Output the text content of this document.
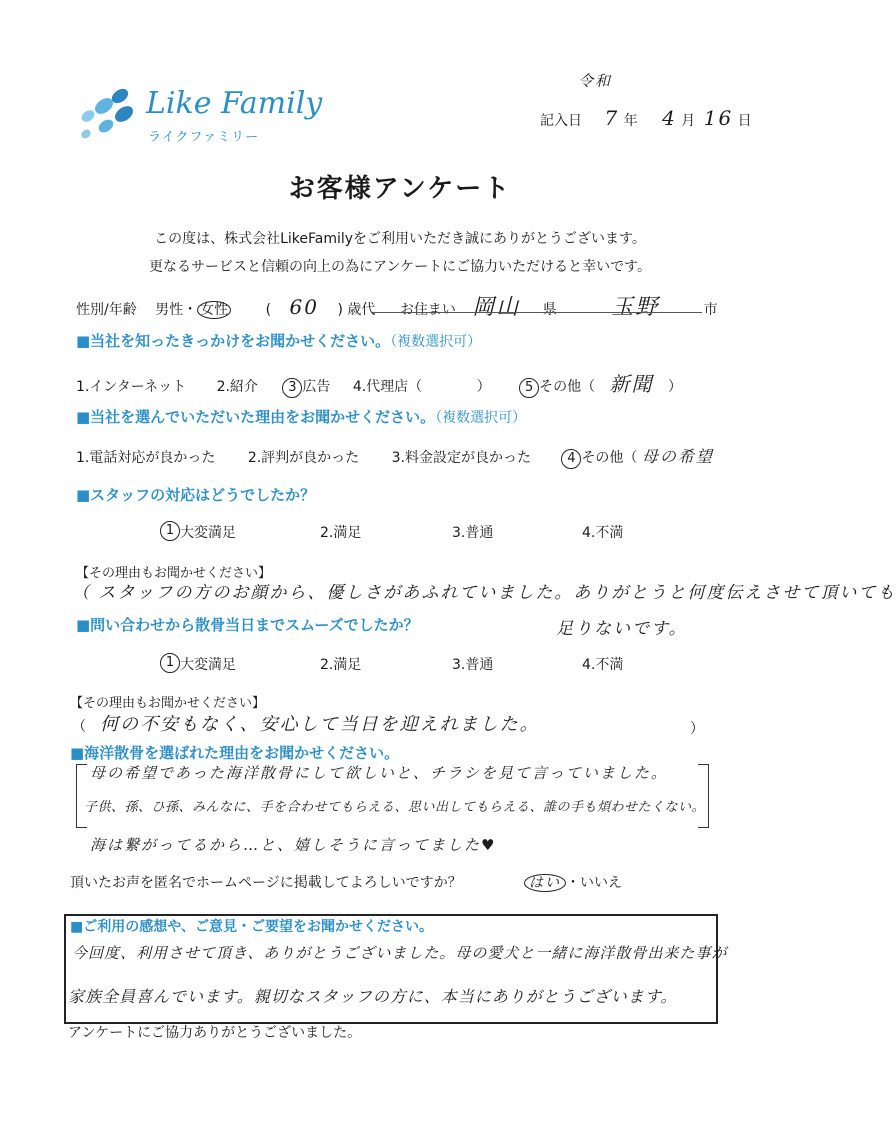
Like Family
ライクファミリー
令和
記入日 7 年 4 月 16 日
お客様アンケート
この度は、株式会社LikeFamilyをご利用いただき誠にありがとうございます。
更なるサービスと信頼の向上の為にアンケートにご協力いただけると幸いです。
性別/年齢 男性・ 女性	( 60 ) 歳代 お住まい 岡山 県 玉野	市
■当社を知ったきっかけをお聞かせください。（複数選択可）
1.インターネット 2.紹介 3 広告 4.代理店（	）	5 その他（ 新聞 ）
■当社を選んでいただいた理由をお聞かせください。（複数選択可）
1.電話対応が良かった 2.評判が良かった 3.料金設定が良かった	4 その他（ 母の希望
■スタッフの対応はどうでしたか？
1 大変満足	2.満足	3.普通	4.不満
【その理由もお聞かせください】
（ スタッフの方のお顔から、優しさがあふれていました。ありがとうと何度伝えさせて頂いても
足りないです。
■問い合わせから散骨当日までスムーズでしたか？
1 大変満足	2.満足	3.普通	4.不満
【その理由もお聞かせください】
（ 何の不安もなく、安心して当日を迎えれました。	）
■海洋散骨を選ばれた理由をお聞かせください。
母の希望であった海洋散骨にして欲しいと、チラシを見て言っていました。
子供、孫、ひ孫、みんなに、手を合わせてもらえる、思い出してもらえる、誰の手も煩わせたくない。
海は繋がってるから…と、嬉しそうに言ってました♥
頂いたお声を匿名でホームページに掲載してよろしいですか？	はい ・いいえ
■ご利用の感想や、ご意見・ご要望をお聞かせください。
今回度、利用させて頂き、ありがとうございました。母の愛犬と一緒に海洋散骨出来た事が
家族全員喜んでいます。親切なスタッフの方に、本当にありがとうございます。
アンケートにご協力ありがとうございました。
